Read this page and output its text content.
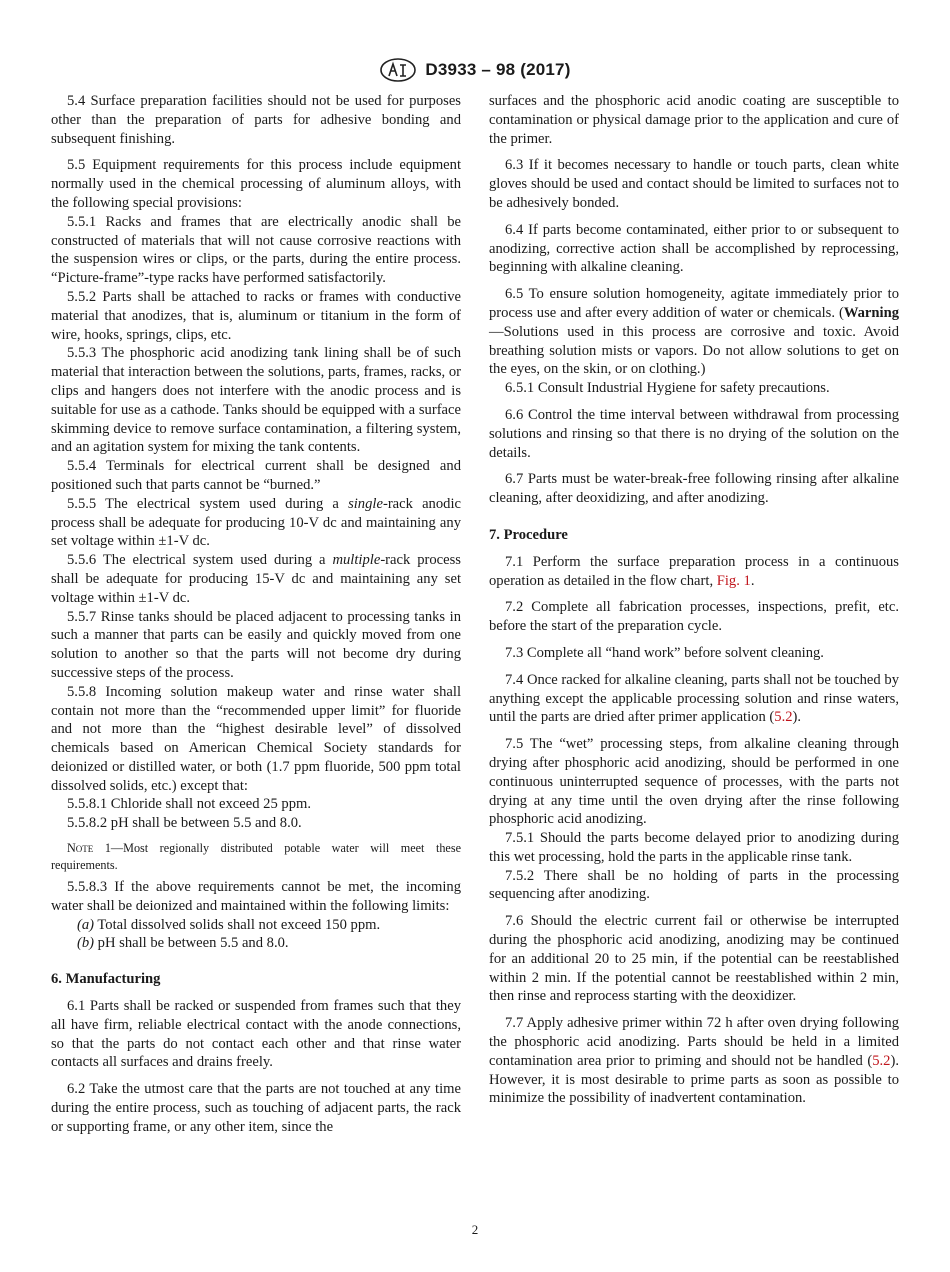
D3933 – 98 (2017)

5.4 Surface preparation facilities should not be used for purposes other than the preparation of parts for adhesive bonding and subsequent finishing.

5.5 Equipment requirements for this process include equipment normally used in the chemical processing of aluminum alloys, with the following special provisions:

5.5.1 Racks and frames that are electrically anodic shall be constructed of materials that will not cause corrosive reactions with the suspension wires or clips, or the parts, during the entire process. “Picture-frame”-type racks have performed satisfactorily.

5.5.2 Parts shall be attached to racks or frames with conductive material that anodizes, that is, aluminum or titanium in the form of wire, hooks, springs, clips, etc.

5.5.3 The phosphoric acid anodizing tank lining shall be of such material that interaction between the solutions, parts, frames, racks, or clips and hangers does not interfere with the anodic process and is suitable for use as a cathode. Tanks should be equipped with a surface skimming device to remove surface contamination, a filtering system, and an agitation system for mixing the tank contents.

5.5.4 Terminals for electrical current shall be designed and positioned such that parts cannot be “burned.”

5.5.5 The electrical system used during a single-rack anodic process shall be adequate for producing 10-V dc and maintaining any set voltage within ±1-V dc.

5.5.6 The electrical system used during a multiple-rack process shall be adequate for producing 15-V dc and maintaining any set voltage within ±1-V dc.

5.5.7 Rinse tanks should be placed adjacent to processing tanks in such a manner that parts can be easily and quickly moved from one solution to another so that the parts will not become dry during successive steps of the process.

5.5.8 Incoming solution makeup water and rinse water shall contain not more than the “recommended upper limit” for fluoride and not more than the “highest desirable level” of dissolved chemicals based on American Chemical Society standards for deionized or distilled water, or both (1.7 ppm fluoride, 500 ppm total dissolved solids, etc.) except that:

5.5.8.1 Chloride shall not exceed 25 ppm.

5.5.8.2 pH shall be between 5.5 and 8.0.

Note 1—Most regionally distributed potable water will meet these requirements.

5.5.8.3 If the above requirements cannot be met, the incoming water shall be deionized and maintained within the following limits:

(a) Total dissolved solids shall not exceed 150 ppm.

(b) pH shall be between 5.5 and 8.0.

6. Manufacturing

6.1 Parts shall be racked or suspended from frames such that they all have firm, reliable electrical contact with the anode connections, so that the parts do not contact each other and that rinse water contacts all surfaces and drains freely.

6.2 Take the utmost care that the parts are not touched at any time during the entire process, such as touching of adjacent parts, the rack or supporting frame, or any other item, since the

surfaces and the phosphoric acid anodic coating are susceptible to contamination or physical damage prior to the application and cure of the primer.

6.3 If it becomes necessary to handle or touch parts, clean white gloves should be used and contact should be limited to surfaces not to be adhesively bonded.

6.4 If parts become contaminated, either prior to or subsequent to anodizing, corrective action shall be accomplished by reprocessing, beginning with alkaline cleaning.

6.5 To ensure solution homogeneity, agitate immediately prior to process use and after every addition of water or chemicals. (Warning—Solutions used in this process are corrosive and toxic. Avoid breathing solution mists or vapors. Do not allow solutions to get on the eyes, on the skin, or on clothing.)

6.5.1 Consult Industrial Hygiene for safety precautions.

6.6 Control the time interval between withdrawal from processing solutions and rinsing so that there is no drying of the solution on the details.

6.7 Parts must be water-break-free following rinsing after alkaline cleaning, after deoxidizing, and after anodizing.

7. Procedure

7.1 Perform the surface preparation process in a continuous operation as detailed in the flow chart, Fig. 1.

7.2 Complete all fabrication processes, inspections, prefit, etc. before the start of the preparation cycle.

7.3 Complete all “hand work” before solvent cleaning.

7.4 Once racked for alkaline cleaning, parts shall not be touched by anything except the applicable processing solution and rinse waters, until the parts are dried after primer application (5.2).

7.5 The “wet” processing steps, from alkaline cleaning through drying after phosphoric acid anodizing, should be performed in one continuous uninterrupted sequence of processes, with the parts not drying at any time until the oven drying after the rinse following phosphoric acid anodizing.

7.5.1 Should the parts become delayed prior to anodizing during this wet processing, hold the parts in the applicable rinse tank.

7.5.2 There shall be no holding of parts in the processing sequencing after anodizing.

7.6 Should the electric current fail or otherwise be interrupted during the phosphoric acid anodizing, anodizing may be continued for an additional 20 to 25 min, if the potential can be reestablished within 2 min. If the potential cannot be reestablished within 2 min, then rinse and reprocess starting with the deoxidizer.

7.7 Apply adhesive primer within 72 h after oven drying following the phosphoric acid anodizing. Parts should be held in a limited contamination area prior to priming and should not be handled (5.2). However, it is most desirable to prime parts as soon as possible to minimize the possibility of inadvertent contamination.

2
